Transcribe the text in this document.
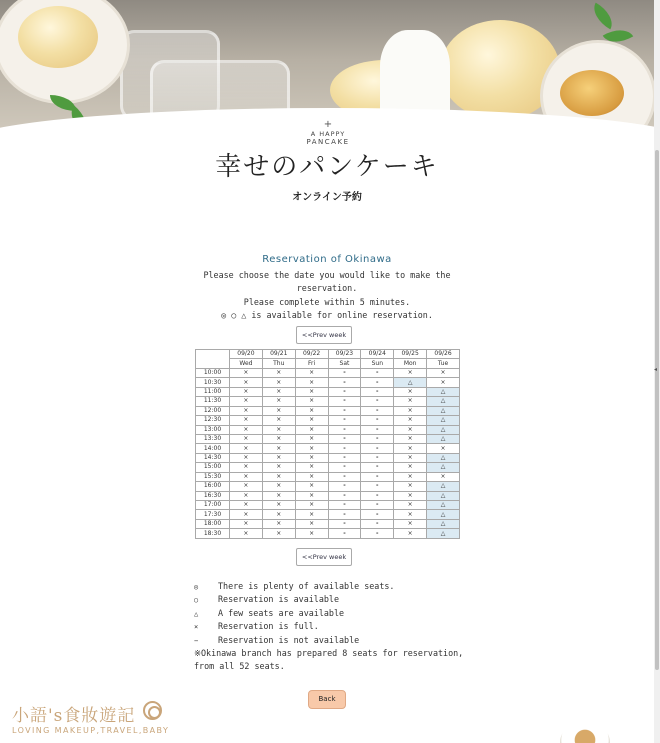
+
A HAPPY
PANCAKE
幸せのパンケーキ
オンライン予約
Reservation of Okinawa
Please choose the date you would like to make the
reservation.
Please complete within 5 minutes.
◎ ○ △ is available for online reservation.
<<Prev week
	09/20	09/21	09/22	09/23	09/24	09/25	09/26
	Wed	Thu	Fri	Sat	Sun	Mon	Tue
10:00	×	×	×	-	-	×	×
10:30	×	×	×	-	-	△	×
11:00	×	×	×	-	-	×	△
11:30	×	×	×	-	-	×	△
12:00	×	×	×	-	-	×	△
12:30	×	×	×	-	-	×	△
13:00	×	×	×	-	-	×	△
13:30	×	×	×	-	-	×	△
14:00	×	×	×	-	-	×	×
14:30	×	×	×	-	-	×	△
15:00	×	×	×	-	-	×	△
15:30	×	×	×	-	-	×	×
16:00	×	×	×	-	-	×	△
16:30	×	×	×	-	-	×	△
17:00	×	×	×	-	-	×	△
17:30	×	×	×	-	-	×	△
18:00	×	×	×	-	-	×	△
18:30	×	×	×	-	-	×	△
<<Prev week
◎ There is plenty of available seats.
○ Reservation is available
△ A few seats are available
× Reservation is full.
− Reservation is not available
※Okinawa branch has prepared 8 seats for reservation,
from all 52 seats.
Back
小語's食妝遊記
LOVING MAKEUP,TRAVEL,BABY
◂
